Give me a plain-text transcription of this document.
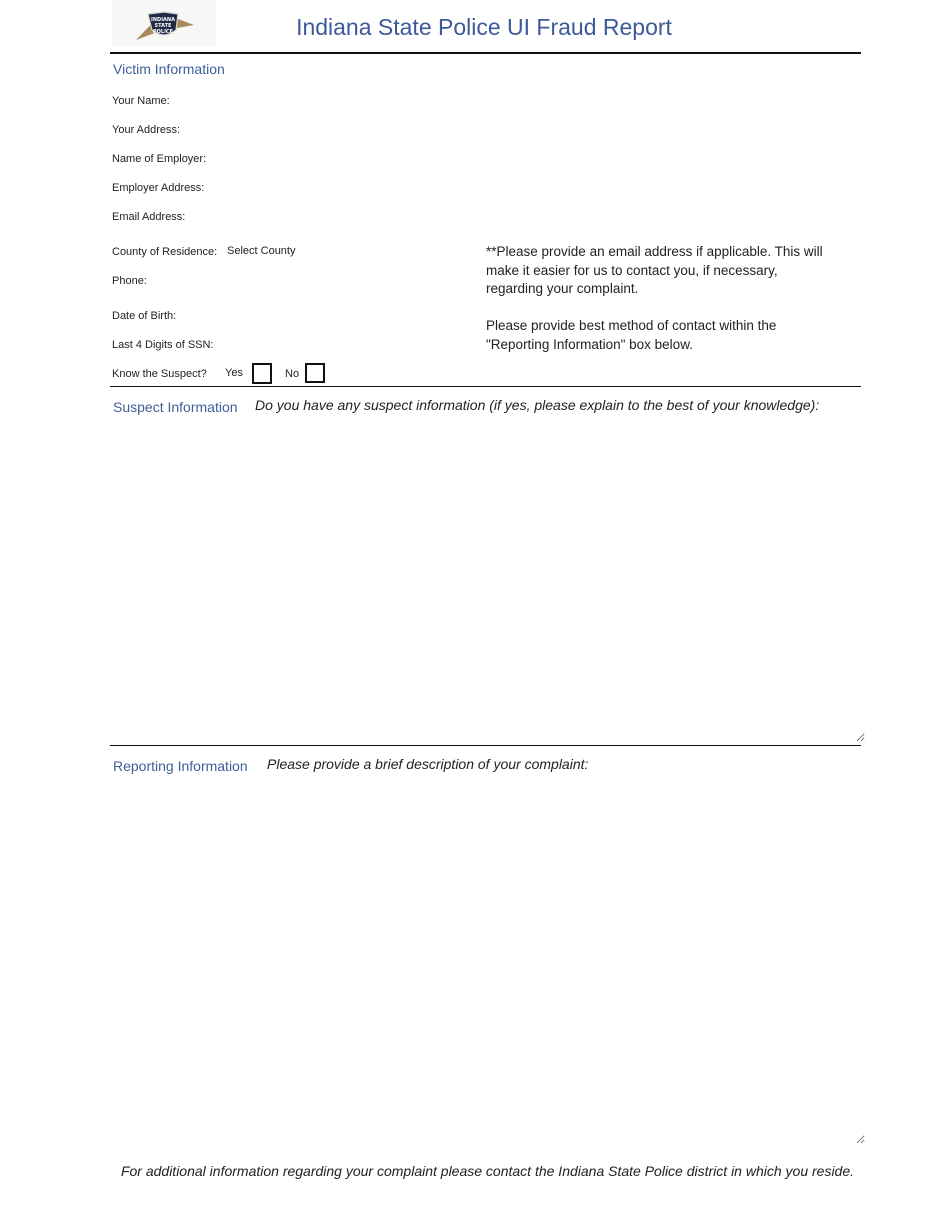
INDIANA
STATE
POLICE	Indiana State Police UI Fraud Report
Victim Information
Your Name:
Your Address:
Name of Employer:
Employer Address:
Email Address:
County of Residence: Select County
Phone:
Date of Birth:
Last 4 Digits of SSN:
Know the Suspect? Yes	No
**Please provide an email address if applicable. This will make it easier for us to contact you, if necessary, regarding your complaint.
Please provide best method of contact within the "Reporting Information" box below.
Suspect Information Do you have any suspect information (if yes, please explain to the best of your knowledge):
Reporting Information Please provide a brief description of your complaint:
For additional information regarding your complaint please contact the Indiana State Police district in which you reside.
